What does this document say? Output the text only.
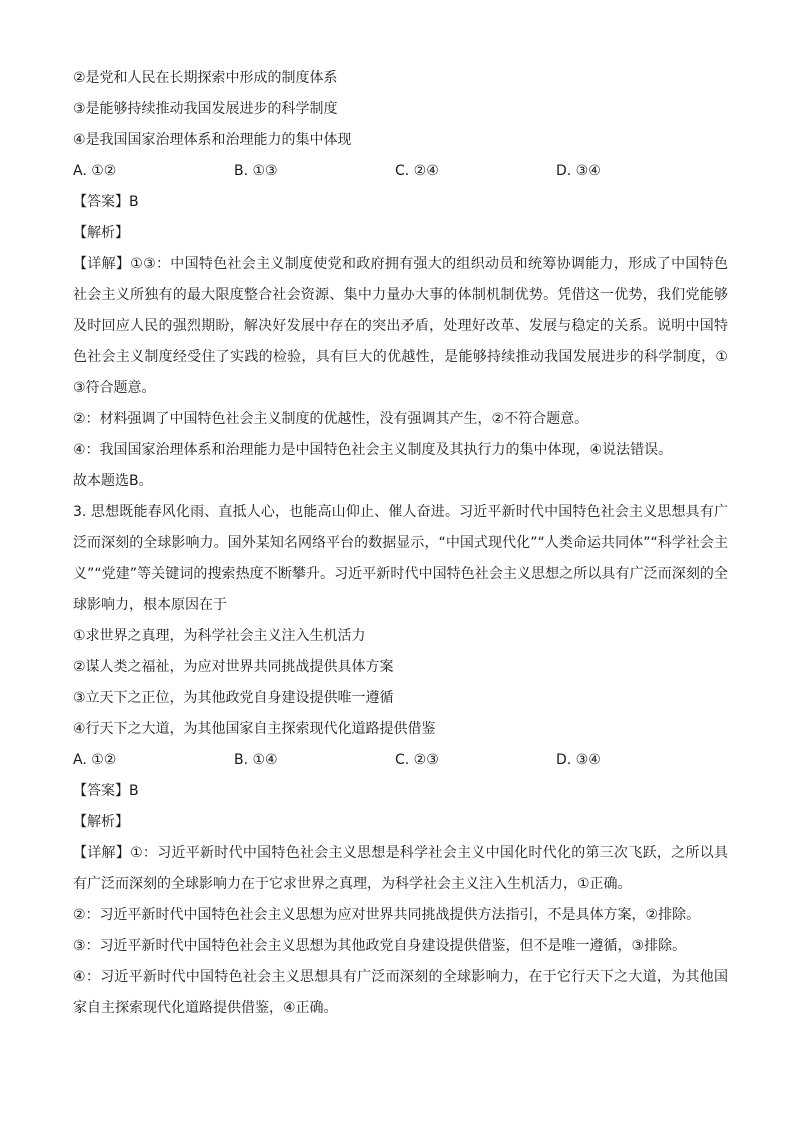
②是党和人民在长期探索中形成的制度体系

③是能够持续推动我国发展进步的科学制度

④是我国国家治理体系和治理能力的集中体现

A. ①②	B. ①③	C. ②④	D. ③④

【答案】B

【解析】

【详解】①③：中国特色社会主义制度使党和政府拥有强大的组织动员和统筹协调能力，形成了中国特色社会主义所独有的最大限度整合社会资源、集中力量办大事的体制机制优势。凭借这一优势，我们党能够及时回应人民的强烈期盼，解决好发展中存在的突出矛盾，处理好改革、发展与稳定的关系。说明中国特色社会主义制度经受住了实践的检验，具有巨大的优越性，是能够持续推动我国发展进步的科学制度，①③符合题意。

②：材料强调了中国特色社会主义制度的优越性，没有强调其产生，②不符合题意。

④：我国国家治理体系和治理能力是中国特色社会主义制度及其执行力的集中体现，④说法错误。

故本题选B。

3. 思想既能春风化雨、直抵人心，也能高山仰止、催人奋进。习近平新时代中国特色社会主义思想具有广泛而深刻的全球影响力。国外某知名网络平台的数据显示，“中国式现代化”“人类命运共同体”“科学社会主义”“党建”等关键词的搜索热度不断攀升。习近平新时代中国特色社会主义思想之所以具有广泛而深刻的全球影响力，根本原因在于

①求世界之真理，为科学社会主义注入生机活力

②谋人类之福祉，为应对世界共同挑战提供具体方案

③立天下之正位，为其他政党自身建设提供唯一遵循

④行天下之大道，为其他国家自主探索现代化道路提供借鉴

A. ①②	B. ①④	C. ②③	D. ③④

【答案】B

【解析】

【详解】①：习近平新时代中国特色社会主义思想是科学社会主义中国化时代化的第三次飞跃，之所以具有广泛而深刻的全球影响力在于它求世界之真理，为科学社会主义注入生机活力，①正确。

②：习近平新时代中国特色社会主义思想为应对世界共同挑战提供方法指引，不是具体方案，②排除。

③：习近平新时代中国特色社会主义思想为其他政党自身建设提供借鉴，但不是唯一遵循，③排除。

④：习近平新时代中国特色社会主义思想具有广泛而深刻的全球影响力，在于它行天下之大道，为其他国家自主探索现代化道路提供借鉴，④正确。
